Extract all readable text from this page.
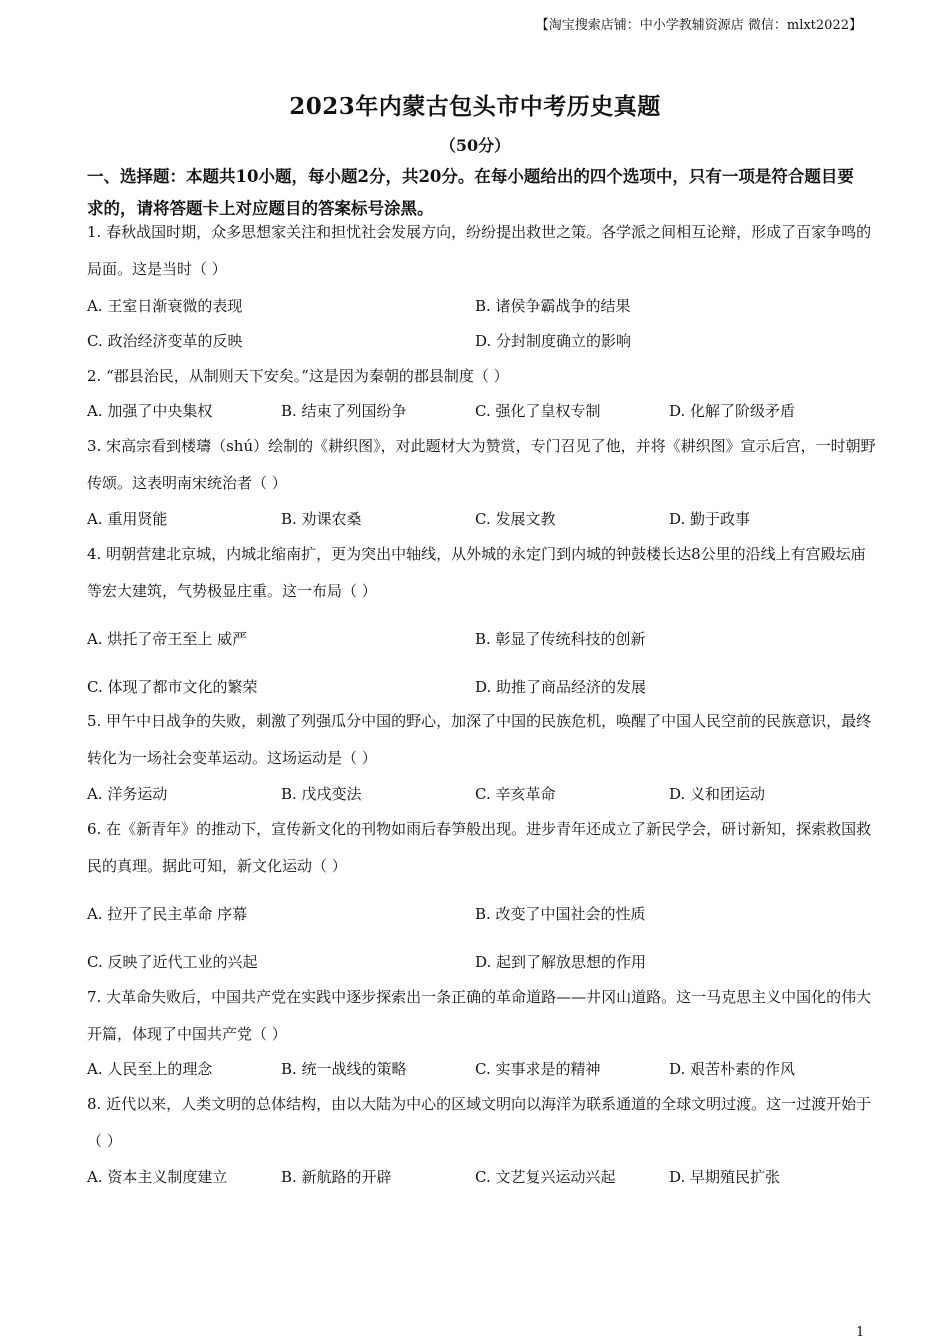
【淘宝搜索店铺：中小学教辅资源店 微信：mlxt2022】
2023年内蒙古包头市中考历史真题
（50分）
一、选择题：本题共10小题，每小题2分，共20分。在每小题给出的四个选项中，只有一项是符合题目要求的，请将答题卡上对应题目的答案标号涂黑。
1. 春秋战国时期，众多思想家关注和担忧社会发展方向，纷纷提出救世之策。各学派之间相互论辩，形成了百家争鸣的局面。这是当时（ ）
A. 王室日渐衰微的表现	B. 诸侯争霸战争的结果
C. 政治经济变革的反映	D. 分封制度确立的影响
2. “郡县治民，从制则天下安矣。”这是因为秦朝的郡县制度（ ）
A. 加强了中央集权	B. 结束了列国纷争	C. 强化了皇权专制	D. 化解了阶级矛盾
3. 宋高宗看到楼璹（shú）绘制的《耕织图》，对此题材大为赞赏，专门召见了他，并将《耕织图》宣示后宫，一时朝野传颂。这表明南宋统治者（ ）
A. 重用贤能	B. 劝课农桑	C. 发展文教	D. 勤于政事
4. 明朝营建北京城，内城北缩南扩，更为突出中轴线，从外城的永定门到内城的钟鼓楼长达8公里的沿线上有宫殿坛庙等宏大建筑，气势极显庄重。这一布局（ ）
A. 烘托了帝王至上 威严	B. 彰显了传统科技的创新
C. 体现了都市文化的繁荣	D. 助推了商品经济的发展
5. 甲午中日战争的失败，刺激了列强瓜分中国的野心，加深了中国的民族危机，唤醒了中国人民空前的民族意识，最终转化为一场社会变革运动。这场运动是（ ）
A. 洋务运动	B. 戊戌变法	C. 辛亥革命	D. 义和团运动
6. 在《新青年》的推动下，宣传新文化的刊物如雨后春笋般出现。进步青年还成立了新民学会，研讨新知，探索救国救民的真理。据此可知，新文化运动（ ）
A. 拉开了民主革命 序幕	B. 改变了中国社会的性质
C. 反映了近代工业的兴起	D. 起到了解放思想的作用
7. 大革命失败后，中国共产党在实践中逐步探索出一条正确的革命道路——井冈山道路。这一马克思主义中国化的伟大开篇，体现了中国共产党（ ）
A. 人民至上的理念	B. 统一战线的策略	C. 实事求是的精神	D. 艰苦朴素的作风
8. 近代以来，人类文明的总体结构，由以大陆为中心的区域文明向以海洋为联系通道的全球文明过渡。这一过渡开始于（ ）
A. 资本主义制度建立	B. 新航路的开辟	C. 文艺复兴运动兴起	D. 早期殖民扩张
1
